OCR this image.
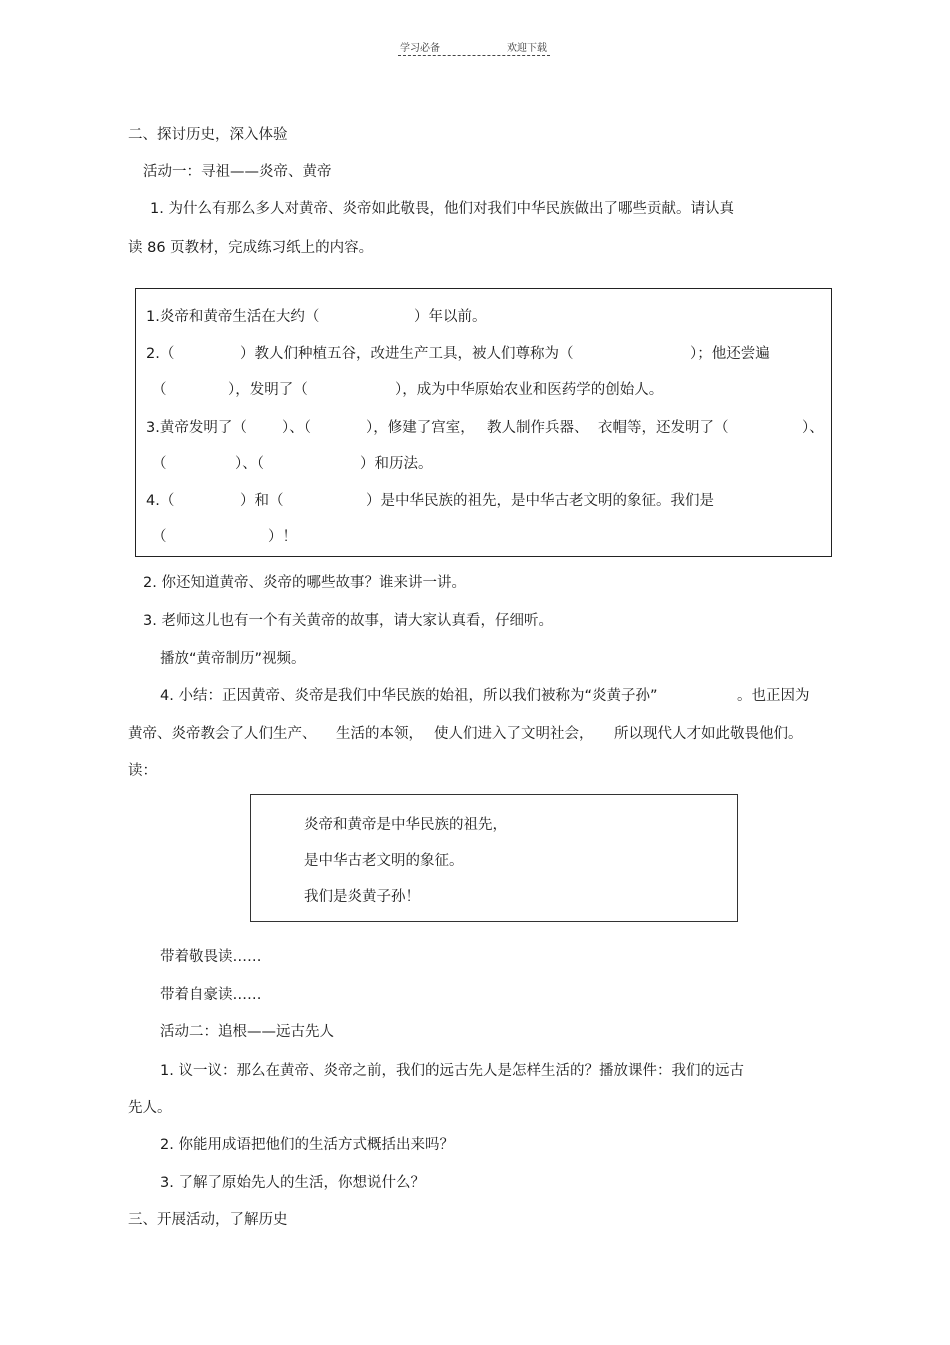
学习必备	欢迎下载
二、探讨历史，深入体验
活动一：寻祖——炎帝、黄帝
1. 为什么有那么多人对黄帝、炎帝如此敬畏，他们对我们中华民族做出了哪些贡献。请认真
读 86 页教材，完成练习纸上的内容。
1.炎帝和黄帝生活在大约（	）年以前。
2.（	）教人们种植五谷，改进生产工具，被人们尊称为（	）；他还尝遍
（	），发明了（	），成为中华原始农业和医药学的创始人。
3.黄帝发明了（ ）、（	），修建了宫室， 教人制作兵器、 衣帽等，还发明了（	）、
（	）、（	）和历法。
4.（	）和（	）是中华民族的祖先，是中华古老文明的象征。我们是
（	）！
2. 你还知道黄帝、炎帝的哪些故事？谁来讲一讲。
3. 老师这儿也有一个有关黄帝的故事，请大家认真看，仔细听。
播放“黄帝制历”视频。
4. 小结：正因黄帝、炎帝是我们中华民族的始祖，所以我们被称为“炎黄子孙”	。也正因为
黄帝、炎帝教会了人们生产、 生活的本领， 使人们进入了文明社会， 所以现代人才如此敬畏他们。
读：
炎帝和黄帝是中华民族的祖先，
是中华古老文明的象征。
我们是炎黄子孙！
带着敬畏读……
带着自豪读……
活动二：追根——远古先人
1. 议一议：那么在黄帝、炎帝之前，我们的远古先人是怎样生活的？播放课件：我们的远古
先人。
2. 你能用成语把他们的生活方式概括出来吗？
3. 了解了原始先人的生活，你想说什么？
三、开展活动，了解历史
